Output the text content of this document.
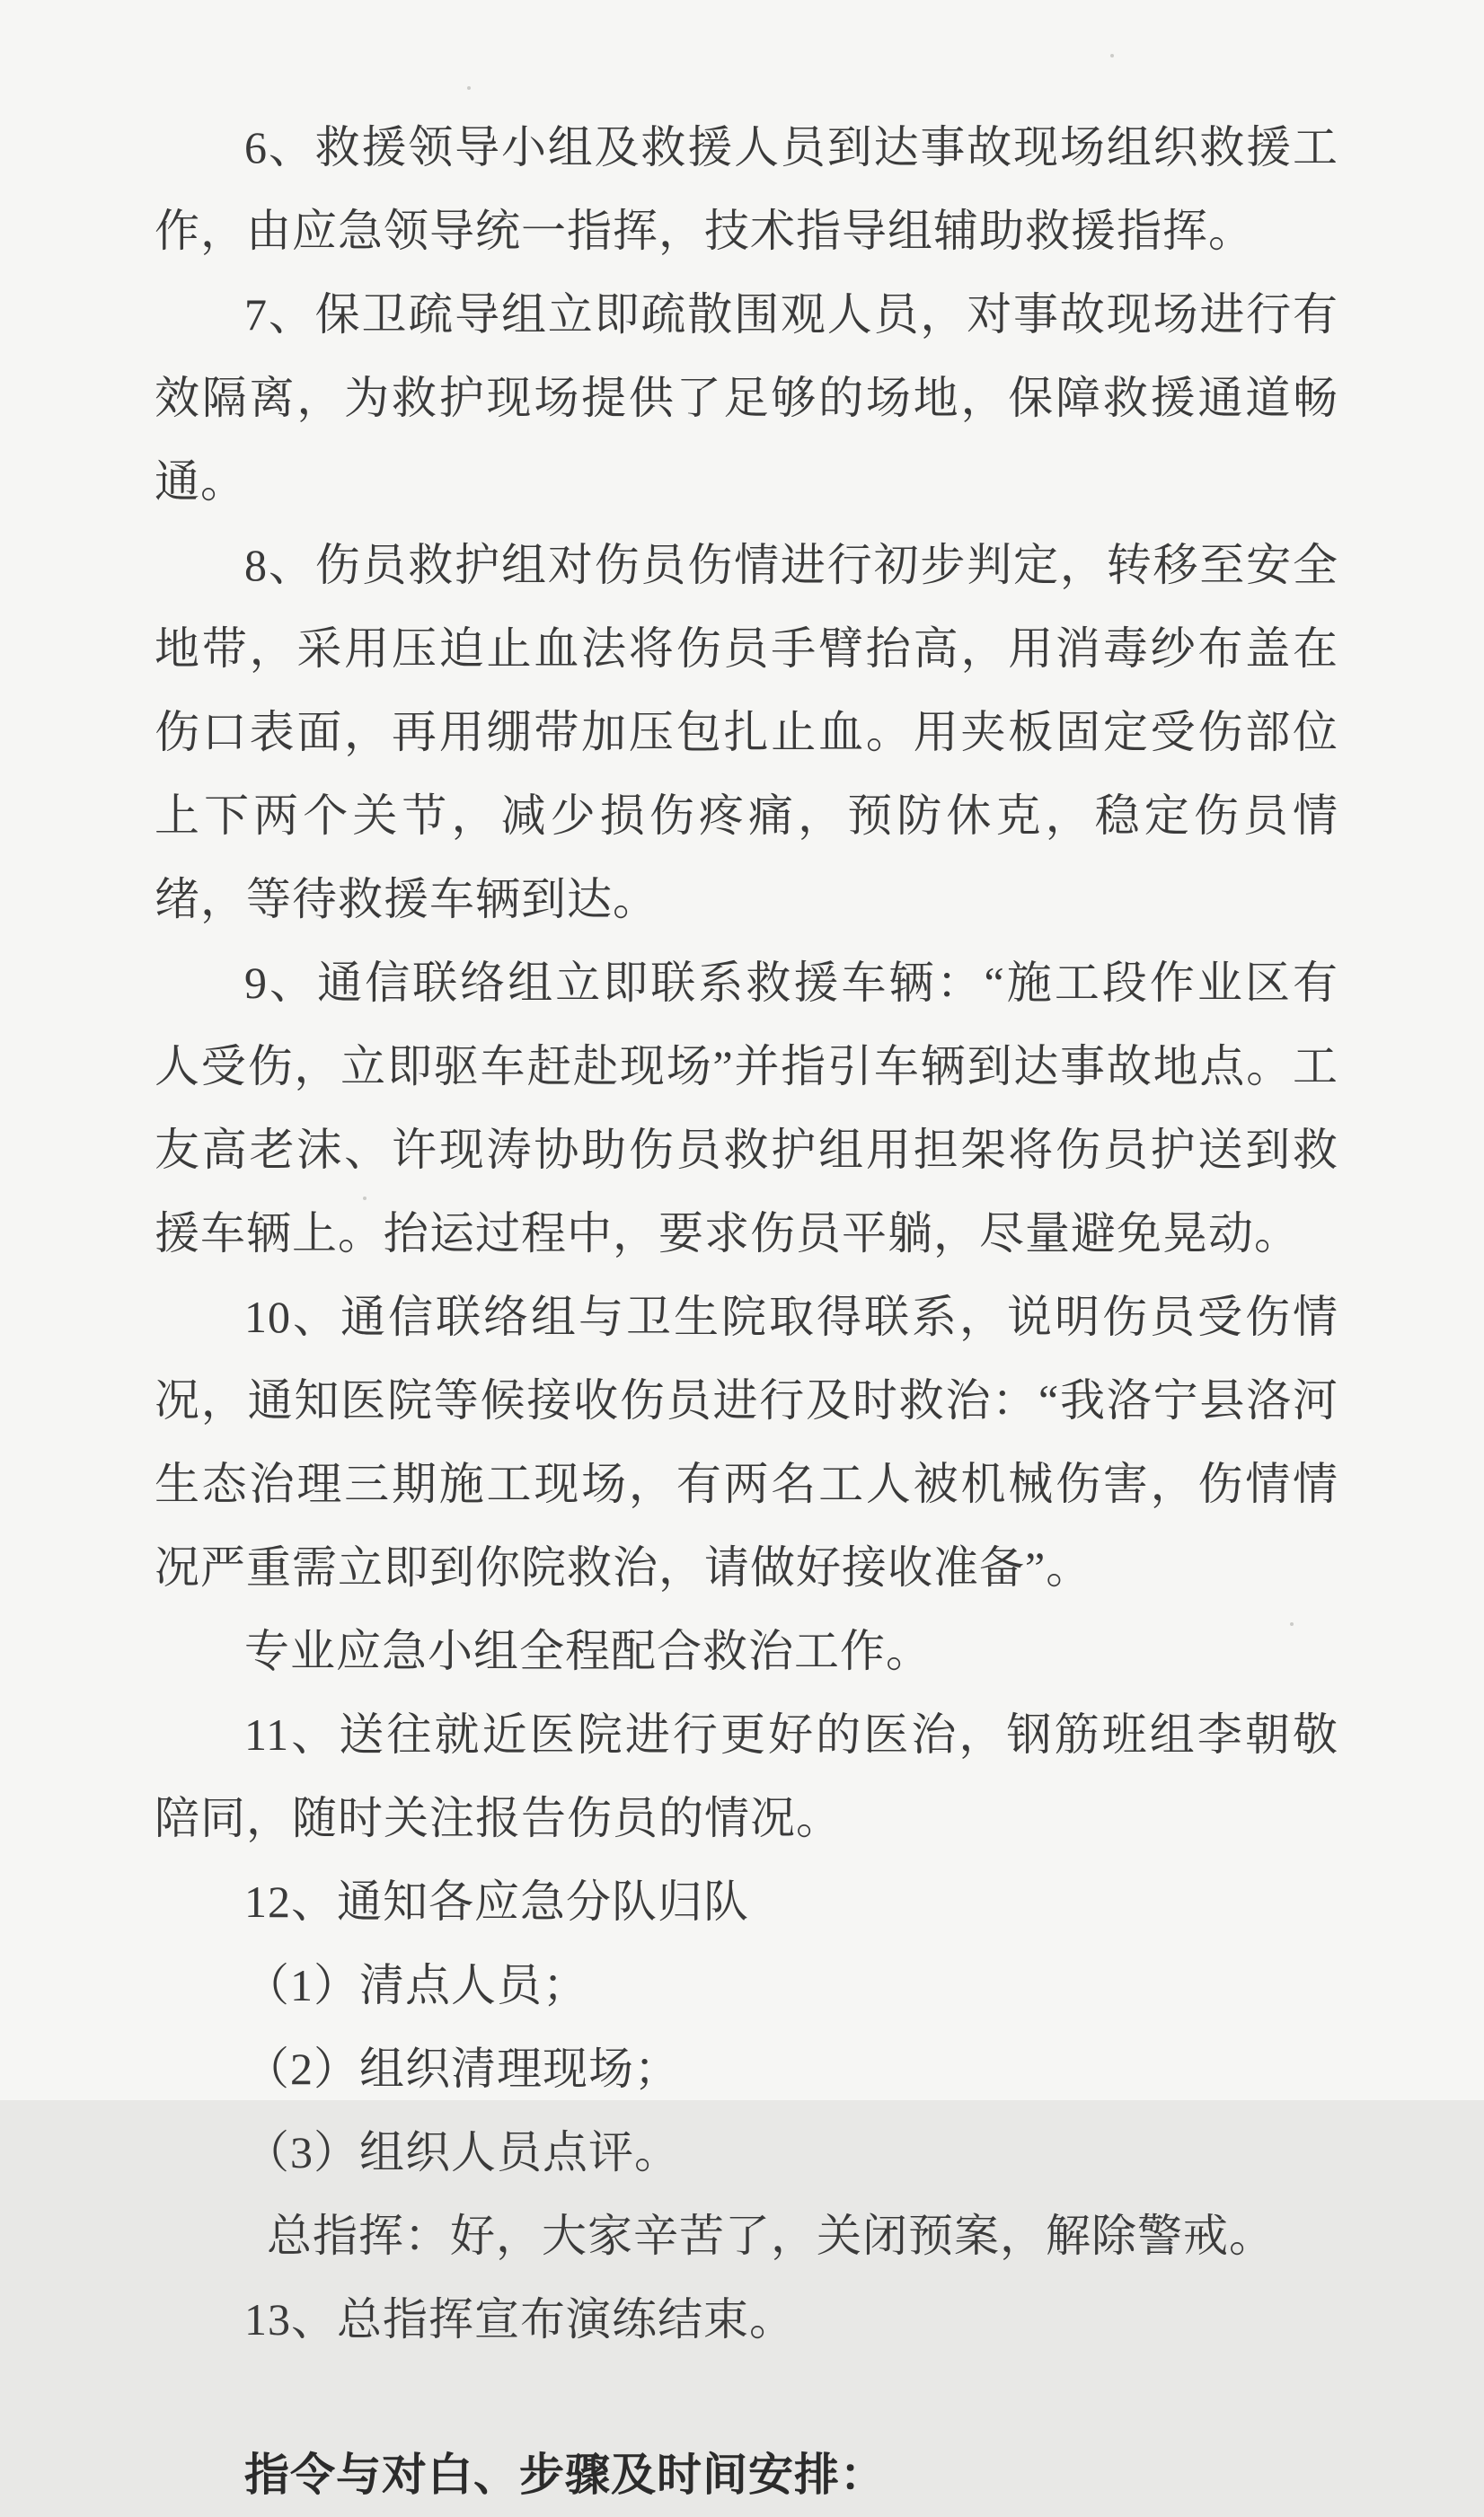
6、救援领导小组及救援人员到达事故现场组织救援工作，由应急领导统一指挥，技术指导组辅助救援指挥。

7、保卫疏导组立即疏散围观人员，对事故现场进行有效隔离，为救护现场提供了足够的场地，保障救援通道畅通。

8、伤员救护组对伤员伤情进行初步判定，转移至安全地带，采用压迫止血法将伤员手臂抬高，用消毒纱布盖在伤口表面，再用绷带加压包扎止血。用夹板固定受伤部位上下两个关节，减少损伤疼痛，预防休克，稳定伤员情绪，等待救援车辆到达。

9、通信联络组立即联系救援车辆：“施工段作业区有人受伤，立即驱车赶赴现场”并指引车辆到达事故地点。工友高老沫、许现涛协助伤员救护组用担架将伤员护送到救援车辆上。抬运过程中，要求伤员平躺，尽量避免晃动。

10、通信联络组与卫生院取得联系，说明伤员受伤情况，通知医院等候接收伤员进行及时救治：“我洛宁县洛河生态治理三期施工现场，有两名工人被机械伤害，伤情情况严重需立即到你院救治，请做好接收准备”。

专业应急小组全程配合救治工作。

11、送往就近医院进行更好的医治，钢筋班组李朝敬陪同，随时关注报告伤员的情况。

12、通知各应急分队归队

（1）清点人员；

（2）组织清理现场；

（3）组织人员点评。

总指挥：好，大家辛苦了，关闭预案，解除警戒。

13、总指挥宣布演练结束。

指令与对白、步骤及时间安排：
